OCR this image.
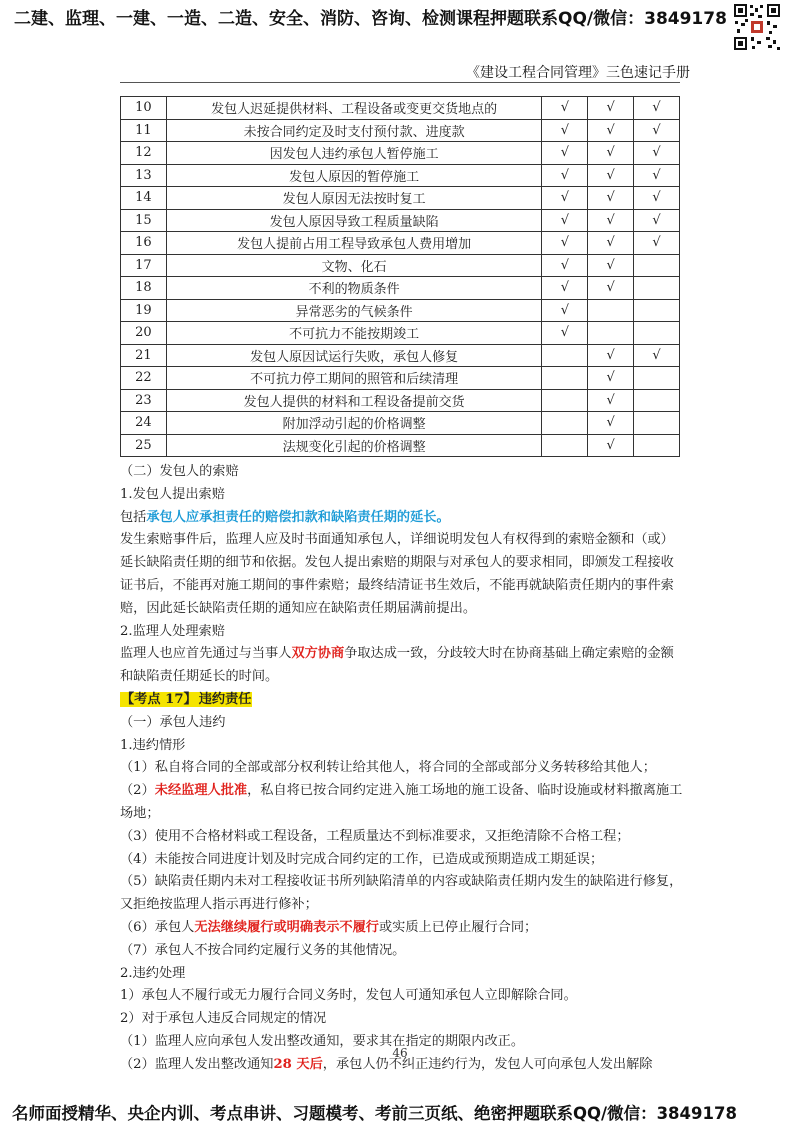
二建、监理、一建、一造、二造、安全、消防、咨询、检测课程押题联系QQ/微信：3849178
《建设工程合同管理》三色速记手册
10	发包人迟延提供材料、工程设备或变更交货地点的	√	√	√
11	未按合同约定及时支付预付款、进度款	√	√	√
12	因发包人违约承包人暂停施工	√	√	√
13	发包人原因的暂停施工	√	√	√
14	发包人原因无法按时复工	√	√	√
15	发包人原因导致工程质量缺陷	√	√	√
16	发包人提前占用工程导致承包人费用增加	√	√	√
17	文物、化石	√	√	
18	不利的物质条件	√	√	
19	异常恶劣的气候条件	√		
20	不可抗力不能按期竣工	√		
21	发包人原因试运行失败，承包人修复		√	√
22	不可抗力停工期间的照管和后续清理		√	
23	发包人提供的材料和工程设备提前交货		√	
24	附加浮动引起的价格调整		√	
25	法规变化引起的价格调整		√	

（二）发包人的索赔

1.发包人提出索赔

包括承包人应承担责任的赔偿扣款和缺陷责任期的延长。

发生索赔事件后，监理人应及时书面通知承包人，详细说明发包人有权得到的索赔金额和（或）延长缺陷责任期的细节和依据。发包人提出索赔的期限与对承包人的要求相同，即颁发工程接收证书后，不能再对施工期间的事件索赔；最终结清证书生效后，不能再就缺陷责任期内的事件索赔，因此延长缺陷责任期的通知应在缺陷责任期届满前提出。

2.监理人处理索赔

监理人也应首先通过与当事人双方协商争取达成一致，分歧较大时在协商基础上确定索赔的金额和缺陷责任期延长的时间。

【考点 17】 违约责任

（一）承包人违约

1.违约情形

（1）私自将合同的全部或部分权利转让给其他人，将合同的全部或部分义务转移给其他人；

（2）未经监理人批准，私自将已按合同约定进入施工场地的施工设备、临时设施或材料撤离施工场地；

（3）使用不合格材料或工程设备，工程质量达不到标准要求，又拒绝清除不合格工程；

（4）未能按合同进度计划及时完成合同约定的工作，已造成或预期造成工期延误；

（5）缺陷责任期内未对工程接收证书所列缺陷清单的内容或缺陷责任期内发生的缺陷进行修复，又拒绝按监理人指示再进行修补；

（6）承包人无法继续履行或明确表示不履行或实质上已停止履行合同；

（7）承包人不按合同约定履行义务的其他情况。

2.违约处理

1）承包人不履行或无力履行合同义务时，发包人可通知承包人立即解除合同。

2）对于承包人违反合同规定的情况

（1）监理人应向承包人发出整改通知，要求其在指定的期限内改正。

（2）监理人发出整改通知28 天后，承包人仍不纠正违约行为，发包人可向承包人发出解除

46
名师面授精华、央企内训、考点串讲、习题模考、考前三页纸、绝密押题联系QQ/微信：3849178
